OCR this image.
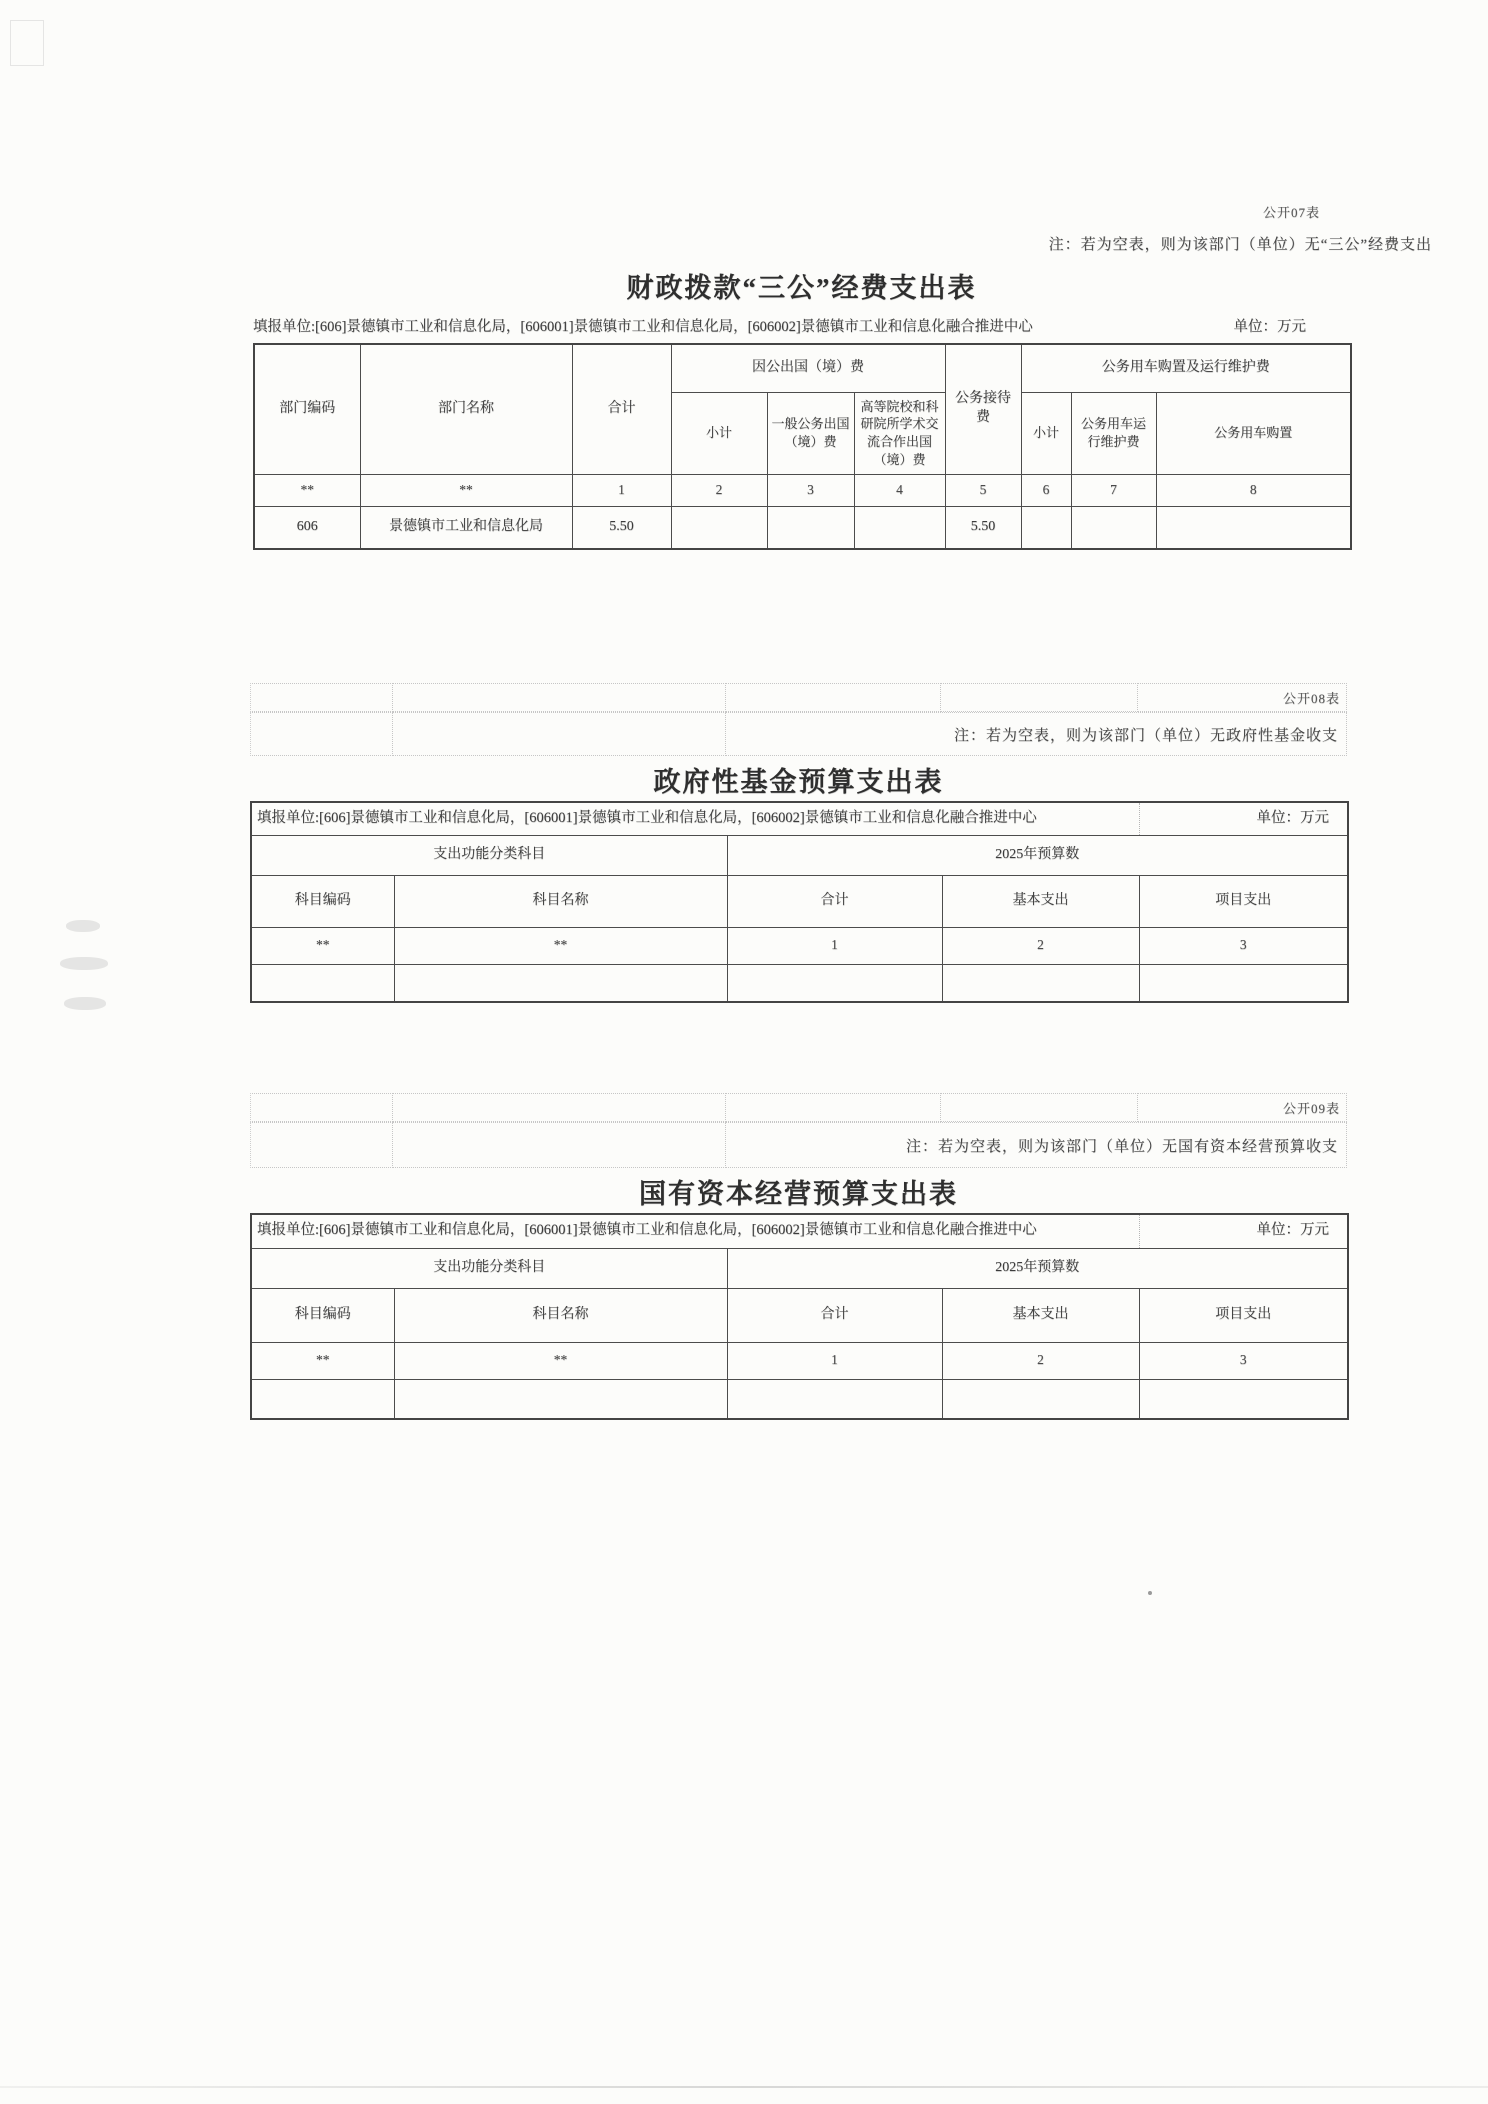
公开07表
注：若为空表，则为该部门（单位）无“三公”经费支出
财政拨款“三公”经费支出表
填报单位:[606]景德镇市工业和信息化局，[606001]景德镇市工业和信息化局，[606002]景德镇市工业和信息化融合推进中心	单位：万元
部门编码	部门名称	合计	因公出国（境）费			公务接待费	公务用车购置及运行维护费		
			小计	一般公务出国（境）费	高等院校和科研院所学术交流合作出国（境）费		小计	公务用车运行维护费	公务用车购置
**	**	1	2	3	4	5	6	7	8
606	景德镇市工业和信息化局	5.50				5.50			
公开08表
注：若为空表，则为该部门（单位）无政府性基金收支
政府性基金预算支出表
填报单位:[606]景德镇市工业和信息化局，[606001]景德镇市工业和信息化局，[606002]景德镇市工业和信息化融合推进中心				单位：万元
支出功能分类科目		2025年预算数		
科目编码	科目名称	合计	基本支出	项目支出
**	**	1	2	3

公开09表
注：若为空表，则为该部门（单位）无国有资本经营预算收支
国有资本经营预算支出表
填报单位:[606]景德镇市工业和信息化局，[606001]景德镇市工业和信息化局，[606002]景德镇市工业和信息化融合推进中心				单位：万元
支出功能分类科目		2025年预算数		
科目编码	科目名称	合计	基本支出	项目支出
**	**	1	2	3
